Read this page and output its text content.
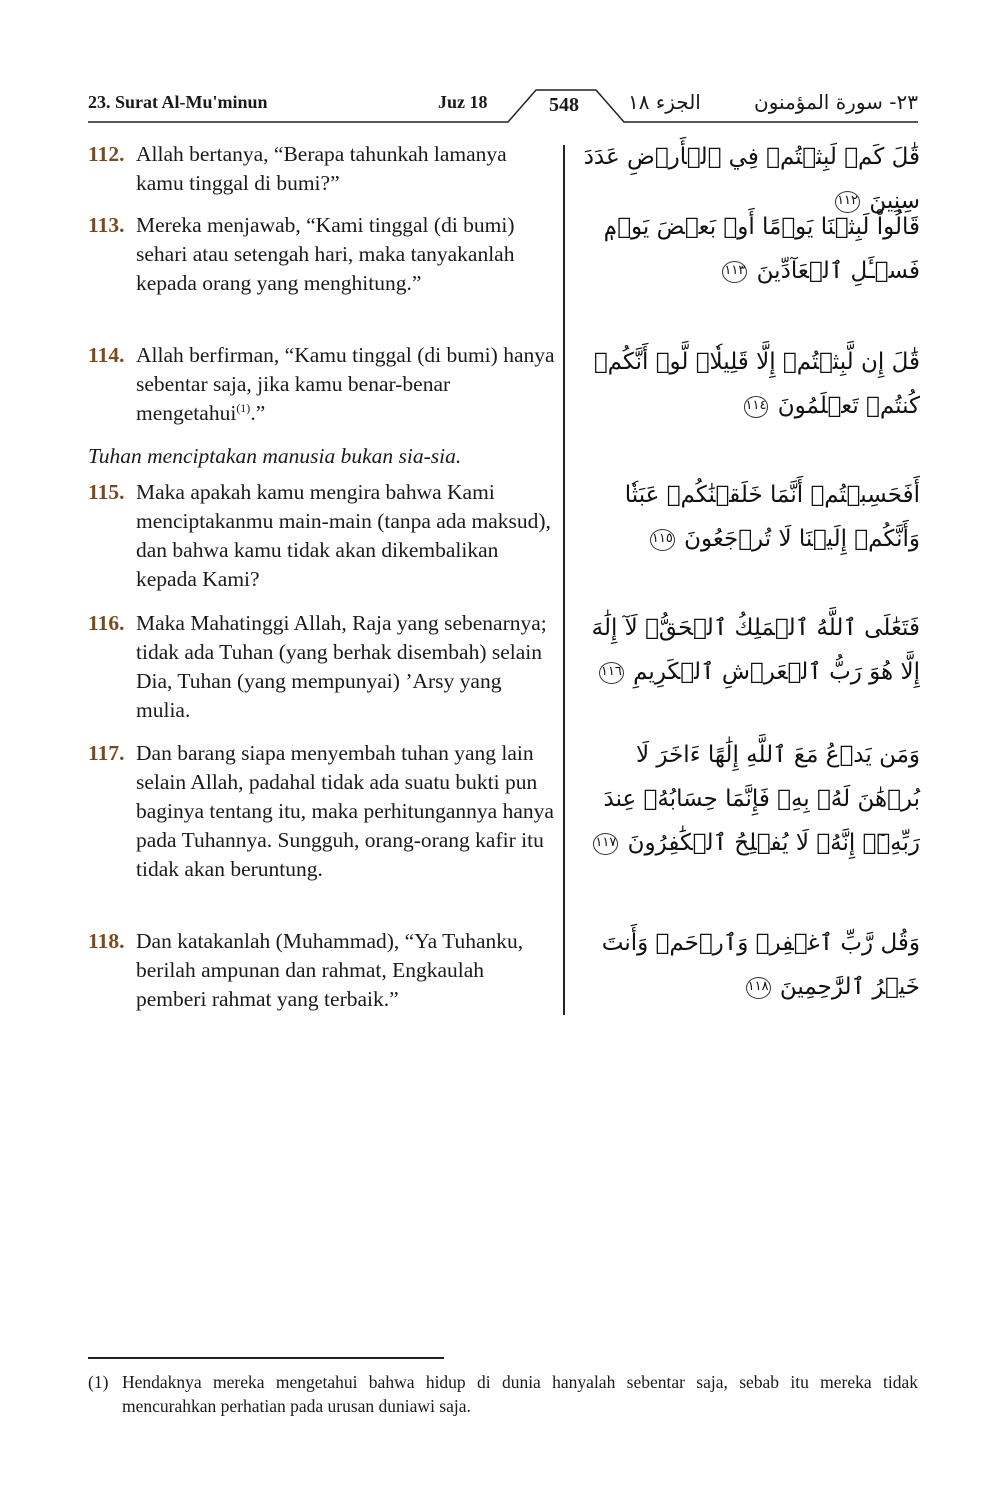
23. Surat Al-Mu'minun	Juz 18	548	الجزء ١٨	٢٣- سورة المؤمنون
112. Allah bertanya, “Berapa tahunkah lamanya kamu tinggal di bumi?”
قَٰلَ كَمۡ لَبِثۡتُمۡ فِي ٱلۡأَرۡضِ عَدَدَ سِنِينَ ١١٢
113. Mereka menjawab, “Kami tinggal (di bumi) sehari atau setengah hari, maka tanyakanlah kepada orang yang menghitung.”
قَالُواْ لَبِثۡنَا يَوۡمًا أَوۡ بَعۡضَ يَوۡمٖ فَسۡـَٔلِ ٱلۡعَآدِّينَ ١١٣
114. Allah berfirman, “Kamu tinggal (di bumi) hanya sebentar saja, jika kamu benar-benar mengetahui$^{(1)}$.”
قَٰلَ إِن لَّبِثۡتُمۡ إِلَّا قَلِيلٗاۖ لَّوۡ أَنَّكُمۡ كُنتُمۡ تَعۡلَمُونَ ١١٤
Tuhan menciptakan manusia bukan sia-sia.
115. Maka apakah kamu mengira bahwa Kami menciptakanmu main-main (tanpa ada maksud), dan bahwa kamu tidak akan dikembalikan kepada Kami?
أَفَحَسِبۡتُمۡ أَنَّمَا خَلَقۡنَٰكُمۡ عَبَثٗا وَأَنَّكُمۡ إِلَيۡنَا لَا تُرۡجَعُونَ ١١٥
116. Maka Mahatinggi Allah, Raja yang sebenarnya; tidak ada Tuhan (yang berhak disembah) selain Dia, Tuhan (yang mempunyai) ’Arsy yang mulia.
فَتَعَٰلَى ٱللَّهُ ٱلۡمَلِكُ ٱلۡحَقُّۖ لَآ إِلَٰهَ إِلَّا هُوَ رَبُّ ٱلۡعَرۡشِ ٱلۡكَرِيمِ ١١٦
117. Dan barang siapa menyembah tuhan yang lain selain Allah, padahal tidak ada suatu bukti pun baginya tentang itu, maka perhitungannya hanya pada Tuhannya. Sungguh, orang-orang kafir itu tidak akan beruntung.
وَمَن يَدۡعُ مَعَ ٱللَّهِ إِلَٰهًا ءَاخَرَ لَا بُرۡهَٰنَ لَهُۥ بِهِۦ فَإِنَّمَا حِسَابُهُۥ عِندَ رَبِّهِۦٓۚ إِنَّهُۥ لَا يُفۡلِحُ ٱلۡكَٰفِرُونَ ١١٧
118. Dan katakanlah (Muhammad), “Ya Tuhanku, berilah ampunan dan rahmat, Engkaulah pemberi rahmat yang terbaik.”
وَقُل رَّبِّ ٱغۡفِرۡ وَٱرۡحَمۡ وَأَنتَ خَيۡرُ ٱلرَّٰحِمِينَ ١١٨
(1) Hendaknya mereka mengetahui bahwa hidup di dunia hanyalah sebentar saja, sebab itu mereka tidak mencurahkan perhatian pada urusan duniawi saja.
